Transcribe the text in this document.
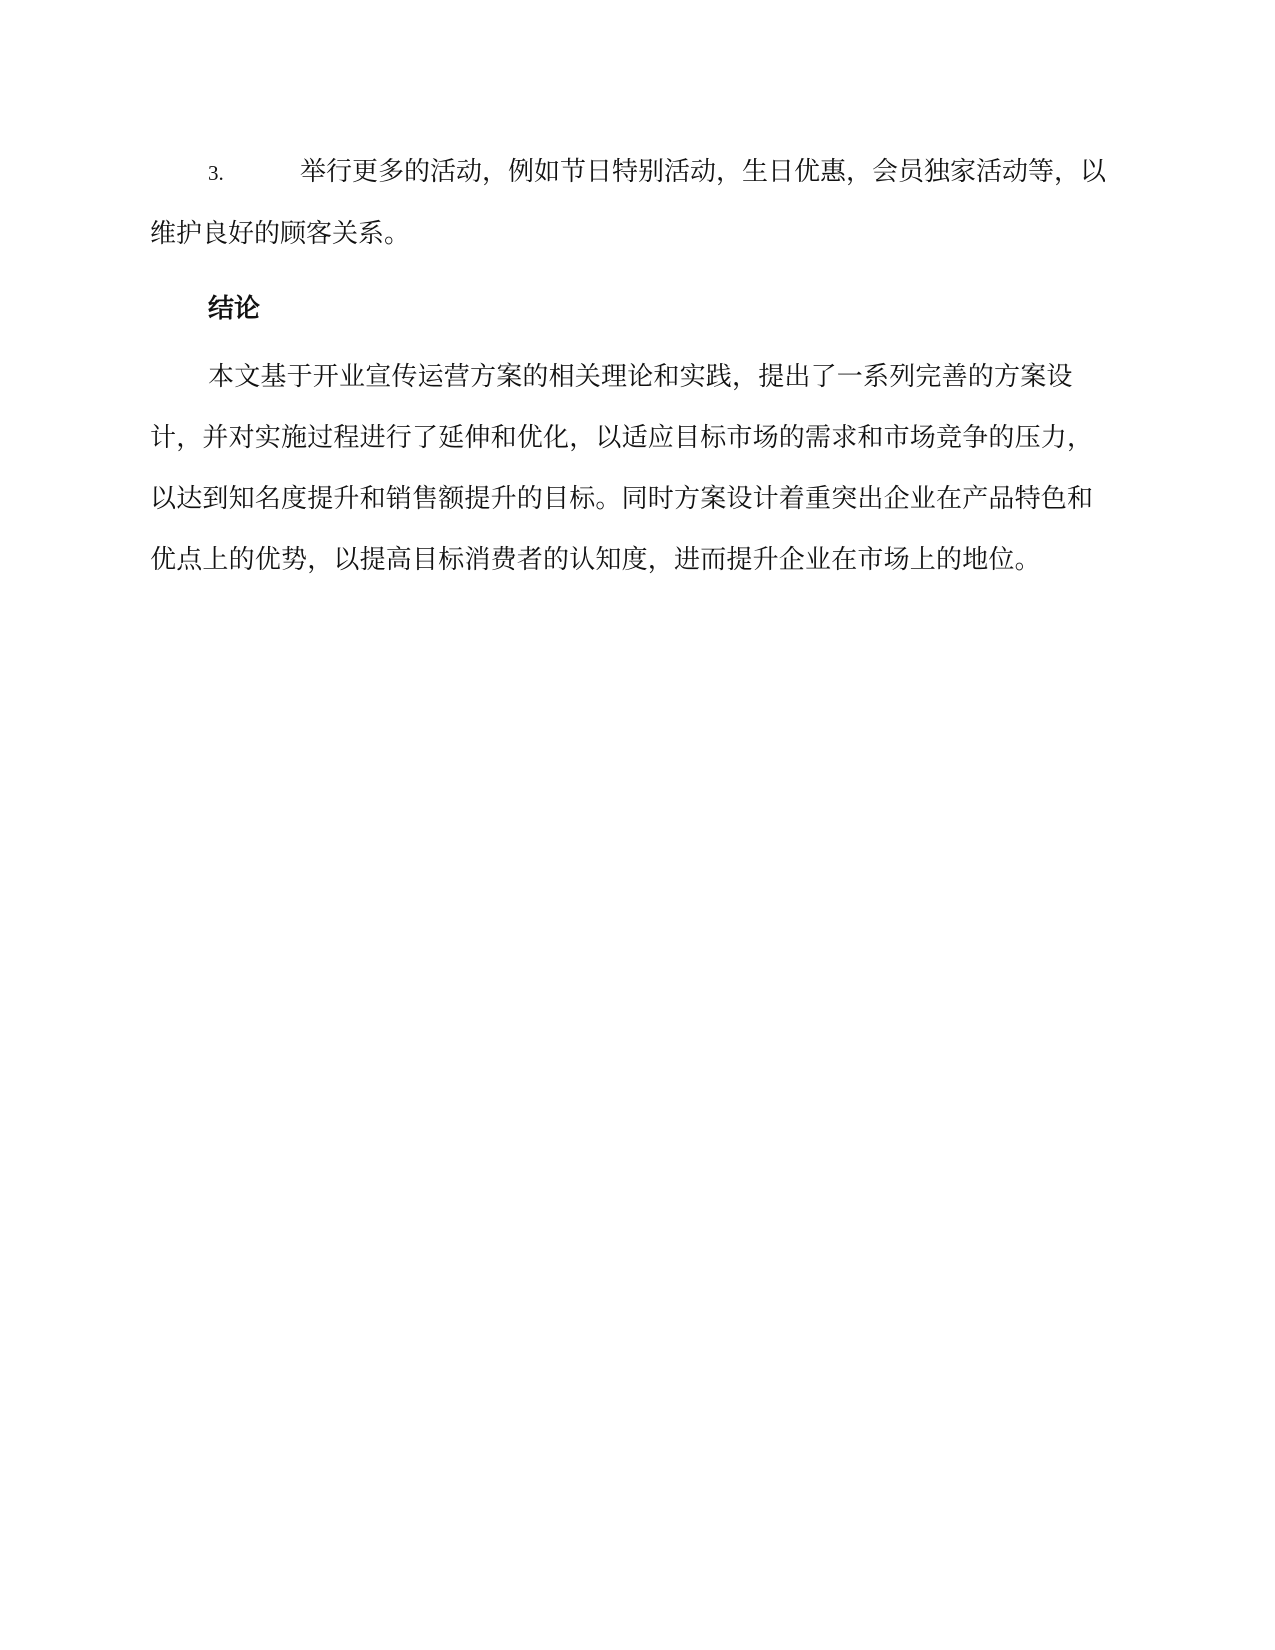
3.	举行更多的活动，例如节日特别活动，生日优惠，会员独家活动等，以维护良好的顾客关系。

结论

本文基于开业宣传运营方案的相关理论和实践，提出了一系列完善的方案设计，并对实施过程进行了延伸和优化，以适应目标市场的需求和市场竞争的压力，以达到知名度提升和销售额提升的目标。同时方案设计着重突出企业在产品特色和优点上的优势，以提高目标消费者的认知度，进而提升企业在市场上的地位。
